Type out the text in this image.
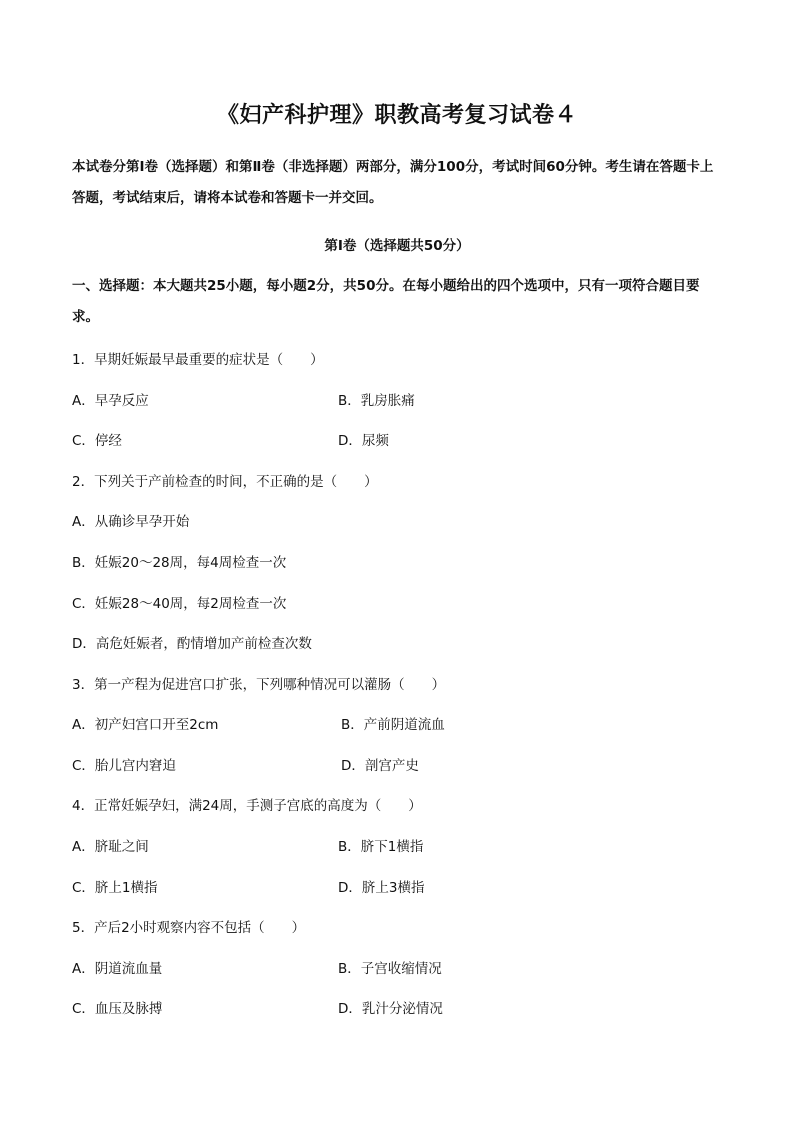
《妇产科护理》职教高考复习试卷４
本试卷分第Ⅰ卷（选择题）和第Ⅱ卷（非选择题）两部分，满分100分，考试时间60分钟。考生请在答题卡上答题，考试结束后，请将本试卷和答题卡一并交回。
第Ⅰ卷（选择题共50分）
一、选择题：本大题共25小题，每小题2分，共50分。在每小题给出的四个选项中，只有一项符合题目要求。
1．早期妊娠最早最重要的症状是（　　）
A．早孕反应	B．乳房胀痛
C．停经	D．尿频
2．下列关于产前检查的时间，不正确的是（　　）
A．从确诊早孕开始
B．妊娠20～28周，每4周检查一次
C．妊娠28～40周，每2周检查一次
D．高危妊娠者，酌情增加产前检查次数
3．第一产程为促进宫口扩张，下列哪种情况可以灌肠（　　）
A．初产妇宫口开至2cm	B．产前阴道流血
C．胎儿宫内窘迫	D．剖宫产史
4．正常妊娠孕妇，满24周，手测子宫底的高度为（　　）
A．脐耻之间	B．脐下1横指
C．脐上1横指	D．脐上3横指
5．产后2小时观察内容不包括（　　）
A．阴道流血量	B．子宫收缩情况
C．血压及脉搏	D．乳汁分泌情况
